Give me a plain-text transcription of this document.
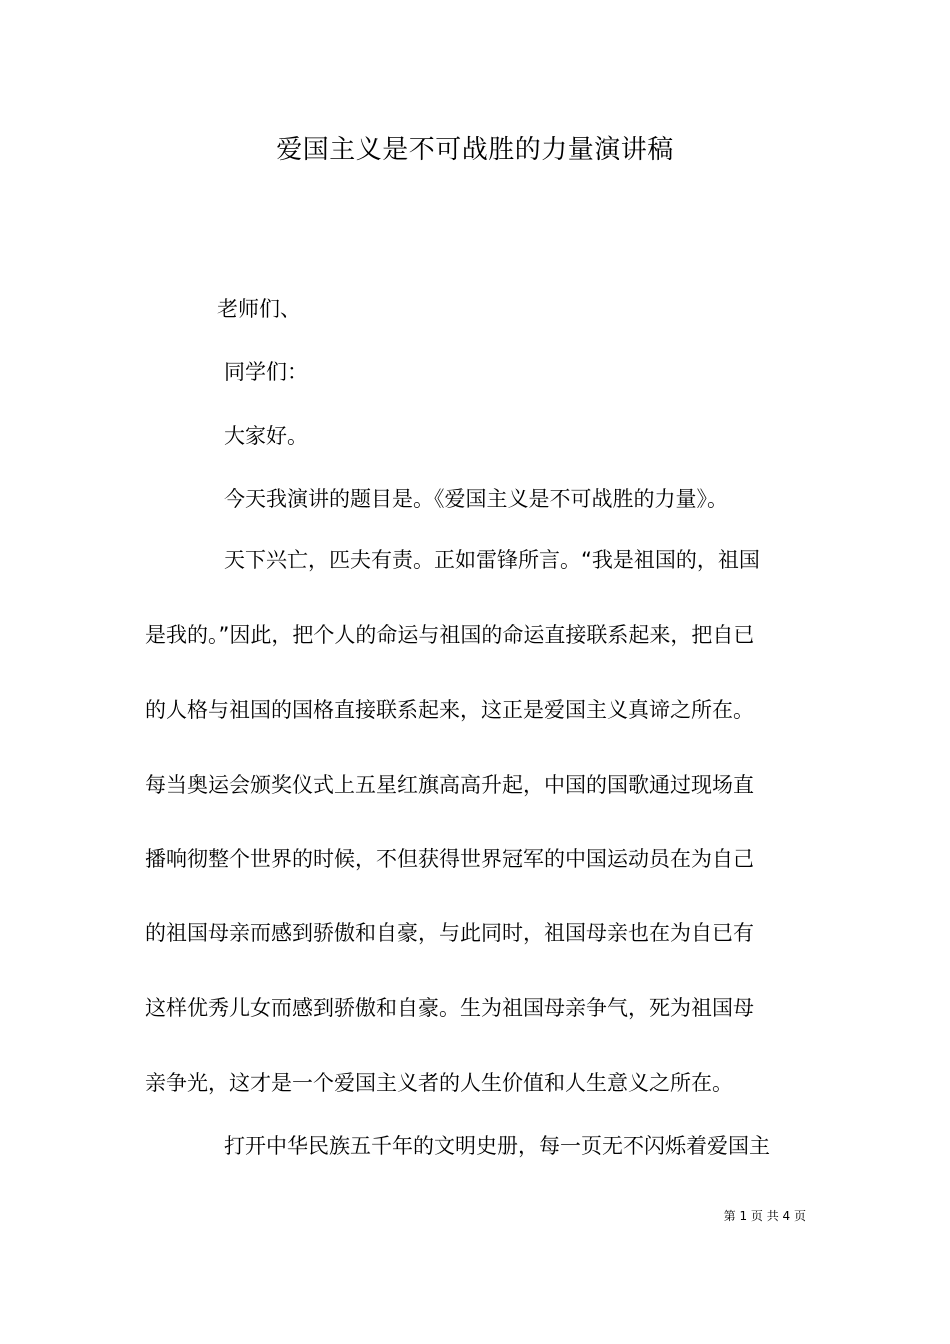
爱国主义是不可战胜的力量演讲稿
老师们、
同学们：
大家好。
今天我演讲的题目是。《爱国主义是不可战胜的力量》。
天下兴亡，匹夫有责。正如雷锋所言。“我是祖国的，祖国
是我的。”因此，把个人的命运与祖国的命运直接联系起来，把自已
的人格与祖国的国格直接联系起来，这正是爱国主义真谛之所在。
每当奥运会颁奖仪式上五星红旗高高升起，中国的国歌通过现场直
播响彻整个世界的时候，不但获得世界冠军的中国运动员在为自己
的祖国母亲而感到骄傲和自豪，与此同时，祖国母亲也在为自已有
这样优秀儿女而感到骄傲和自豪。生为祖国母亲争气，死为祖国母
亲争光，这才是一个爱国主义者的人生价值和人生意义之所在。
打开中华民族五千年的文明史册，每一页无不闪烁着爱国主
第 1 页 共 4 页
